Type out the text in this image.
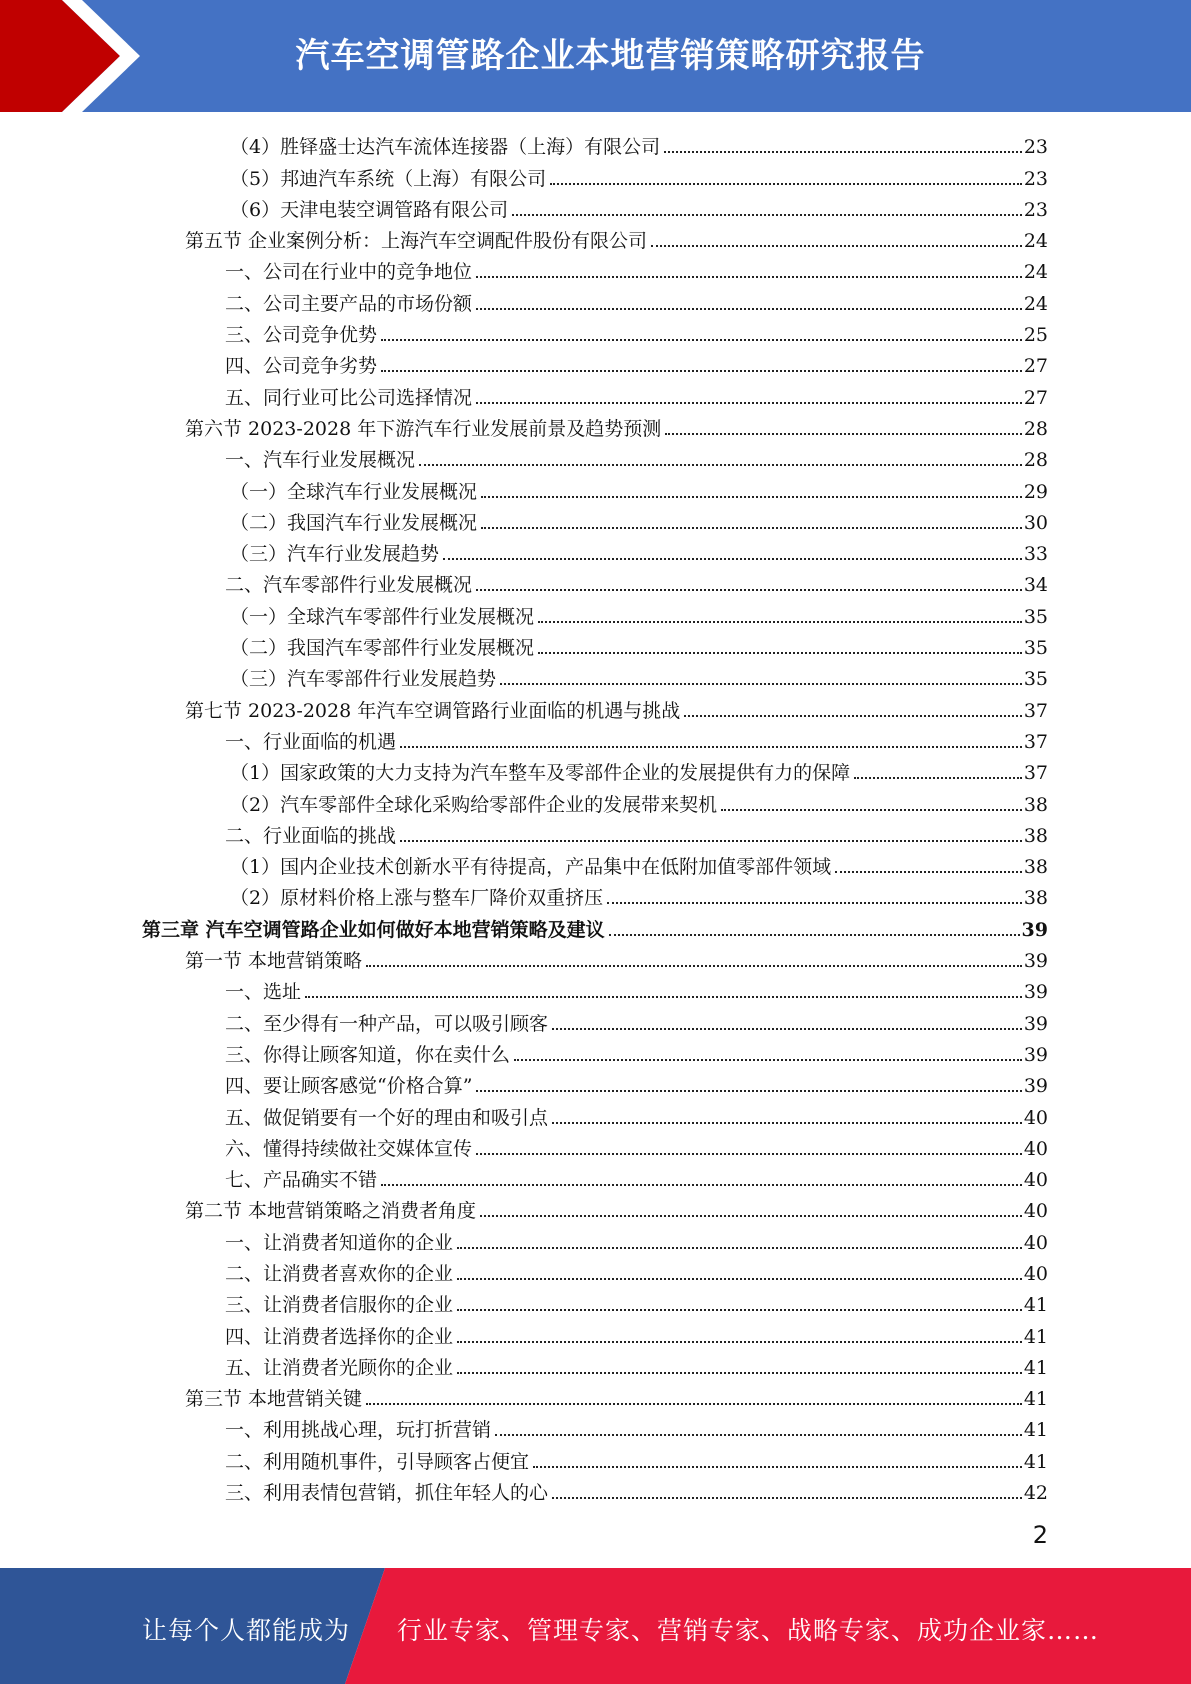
汽车空调管路企业本地营销策略研究报告
（4）胜铎盛士达汽车流体连接器（上海）有限公司	23
（5）邦迪汽车系统（上海）有限公司	23
（6）天津电装空调管路有限公司	23
第五节 企业案例分析：上海汽车空调配件股份有限公司	24
一、公司在行业中的竞争地位	24
二、公司主要产品的市场份额	24
三、公司竞争优势	25
四、公司竞争劣势	27
五、同行业可比公司选择情况	27
第六节 2023-2028 年下游汽车行业发展前景及趋势预测	28
一、汽车行业发展概况	28
（一）全球汽车行业发展概况	29
（二）我国汽车行业发展概况	30
（三）汽车行业发展趋势	33
二、汽车零部件行业发展概况	34
（一）全球汽车零部件行业发展概况	35
（二）我国汽车零部件行业发展概况	35
（三）汽车零部件行业发展趋势	35
第七节 2023-2028 年汽车空调管路行业面临的机遇与挑战	37
一、行业面临的机遇	37
（1）国家政策的大力支持为汽车整车及零部件企业的发展提供有力的保障	37
（2）汽车零部件全球化采购给零部件企业的发展带来契机	38
二、行业面临的挑战	38
（1）国内企业技术创新水平有待提高，产品集中在低附加值零部件领域	38
（2）原材料价格上涨与整车厂降价双重挤压	38
第三章 汽车空调管路企业如何做好本地营销策略及建议	39
第一节 本地营销策略	39
一、选址	39
二、至少得有一种产品，可以吸引顾客	39
三、你得让顾客知道，你在卖什么	39
四、要让顾客感觉“价格合算”	39
五、做促销要有一个好的理由和吸引点	40
六、懂得持续做社交媒体宣传	40
七、产品确实不错	40
第二节 本地营销策略之消费者角度	40
一、让消费者知道你的企业	40
二、让消费者喜欢你的企业	40
三、让消费者信服你的企业	41
四、让消费者选择你的企业	41
五、让消费者光顾你的企业	41
第三节 本地营销关键	41
一、利用挑战心理，玩打折营销	41
二、利用随机事件，引导顾客占便宜	41
三、利用表情包营销，抓住年轻人的心	42
2
让每个人都能成为 行业专家、管理专家、营销专家、战略专家、成功企业家……
